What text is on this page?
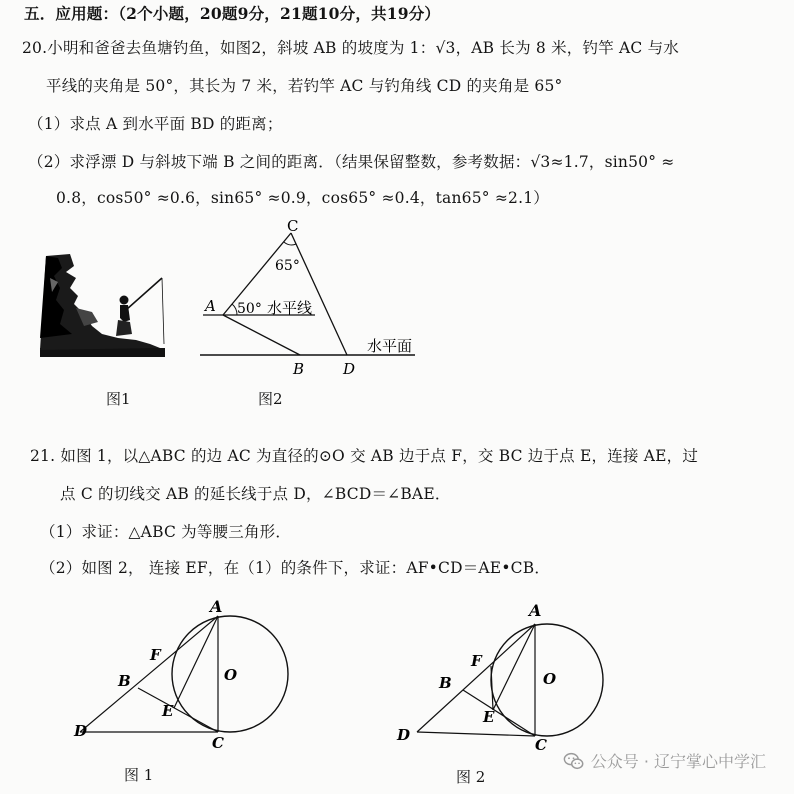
五．应用题：（2个小题，20题9分，21题10分，共19分）
20.小明和爸爸去鱼塘钓鱼，如图2，斜坡 AB 的坡度为 1：√3，AB 长为 8 米，钓竿 AC 与水
平线的夹角是 50°，其长为 7 米，若钓竿 AC 与钓角线 CD 的夹角是 65°
（1）求点 A 到水平面 BD 的距离；
（2）求浮漂 D 与斜坡下端 B 之间的距离．（结果保留整数，参考数据：√3≈1.7，sin50° ≈
0.8，cos50° ≈0.6，sin65° ≈0.9，cos65° ≈0.4，tan65° ≈2.1）
图1
C
65°
A 50° 水平线
水平面
B	D
图2
21. 如图 1，以△ABC 的边 AC 为直径的⊙O 交 AB 边于点 F，交 BC 边于点 E，连接 AE，过
点 C 的切线交 AB 的延长线于点 D，∠BCD＝∠BAE．
（1）求证：△ABC 为等腰三角形．
（2）如图 2， 连接 EF，在（1）的条件下，求证：AF•CD＝AE•CB．
A
F
O
B
E
D
C
图 1
A
F
O
B
E
D
C
图 2
公众号 · 辽宁掌心中学汇
